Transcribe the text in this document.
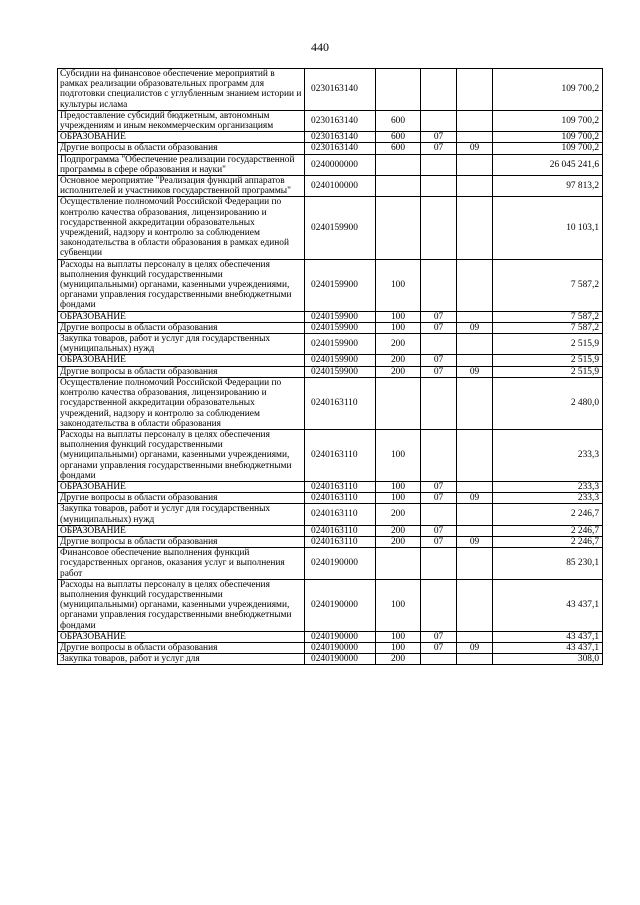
440
Субсидии на финансовое обеспечение мероприятий в рамках реализации образовательных программ для подготовки специалистов с углубленным знанием истории и культуры ислама	0230163140				109 700,2
Предоставление субсидий бюджетным, автономным учреждениям и иным некоммерческим организациям	0230163140	600			109 700,2
ОБРАЗОВАНИЕ	0230163140	600	07		109 700,2
Другие вопросы в области образования	0230163140	600	07	09	109 700,2
Подпрограмма "Обеспечение реализации государственной программы в сфере образования и науки"	0240000000				26 045 241,6
Основное мероприятие "Реализация функций аппаратов исполнителей и участников государственной программы"	0240100000				97 813,2
Осуществление полномочий Российской Федерации по контролю качества образования, лицензированию и государственной аккредитации образовательных учреждений, надзору и контролю за соблюдением законодательства в области образования в рамках единой субвенции	0240159900				10 103,1
Расходы на выплаты персоналу в целях обеспечения выполнения функций государственными (муниципальными) органами, казенными учреждениями, органами управления государственными внебюджетными фондами	0240159900	100			7 587,2
ОБРАЗОВАНИЕ	0240159900	100	07		7 587,2
Другие вопросы в области образования	0240159900	100	07	09	7 587,2
Закупка товаров, работ и услуг для государственных (муниципальных) нужд	0240159900	200			2 515,9
ОБРАЗОВАНИЕ	0240159900	200	07		2 515,9
Другие вопросы в области образования	0240159900	200	07	09	2 515,9
Осуществление полномочий Российской Федерации по контролю качества образования, лицензированию и государственной аккредитации образовательных учреждений, надзору и контролю за соблюдением законодательства в области образования	0240163110				2 480,0
Расходы на выплаты персоналу в целях обеспечения выполнения функций государственными (муниципальными) органами, казенными учреждениями, органами управления государственными внебюджетными фондами	0240163110	100			233,3
ОБРАЗОВАНИЕ	0240163110	100	07		233,3
Другие вопросы в области образования	0240163110	100	07	09	233,3
Закупка товаров, работ и услуг для государственных (муниципальных) нужд	0240163110	200			2 246,7
ОБРАЗОВАНИЕ	0240163110	200	07		2 246,7
Другие вопросы в области образования	0240163110	200	07	09	2 246,7
Финансовое обеспечение выполнения функций государственных органов, оказания услуг и выполнения работ	0240190000				85 230,1
Расходы на выплаты персоналу в целях обеспечения выполнения функций государственными (муниципальными) органами, казенными учреждениями, органами управления государственными внебюджетными фондами	0240190000	100			43 437,1
ОБРАЗОВАНИЕ	0240190000	100	07		43 437,1
Другие вопросы в области образования	0240190000	100	07	09	43 437,1
Закупка товаров, работ и услуг для	0240190000	200			308,0
